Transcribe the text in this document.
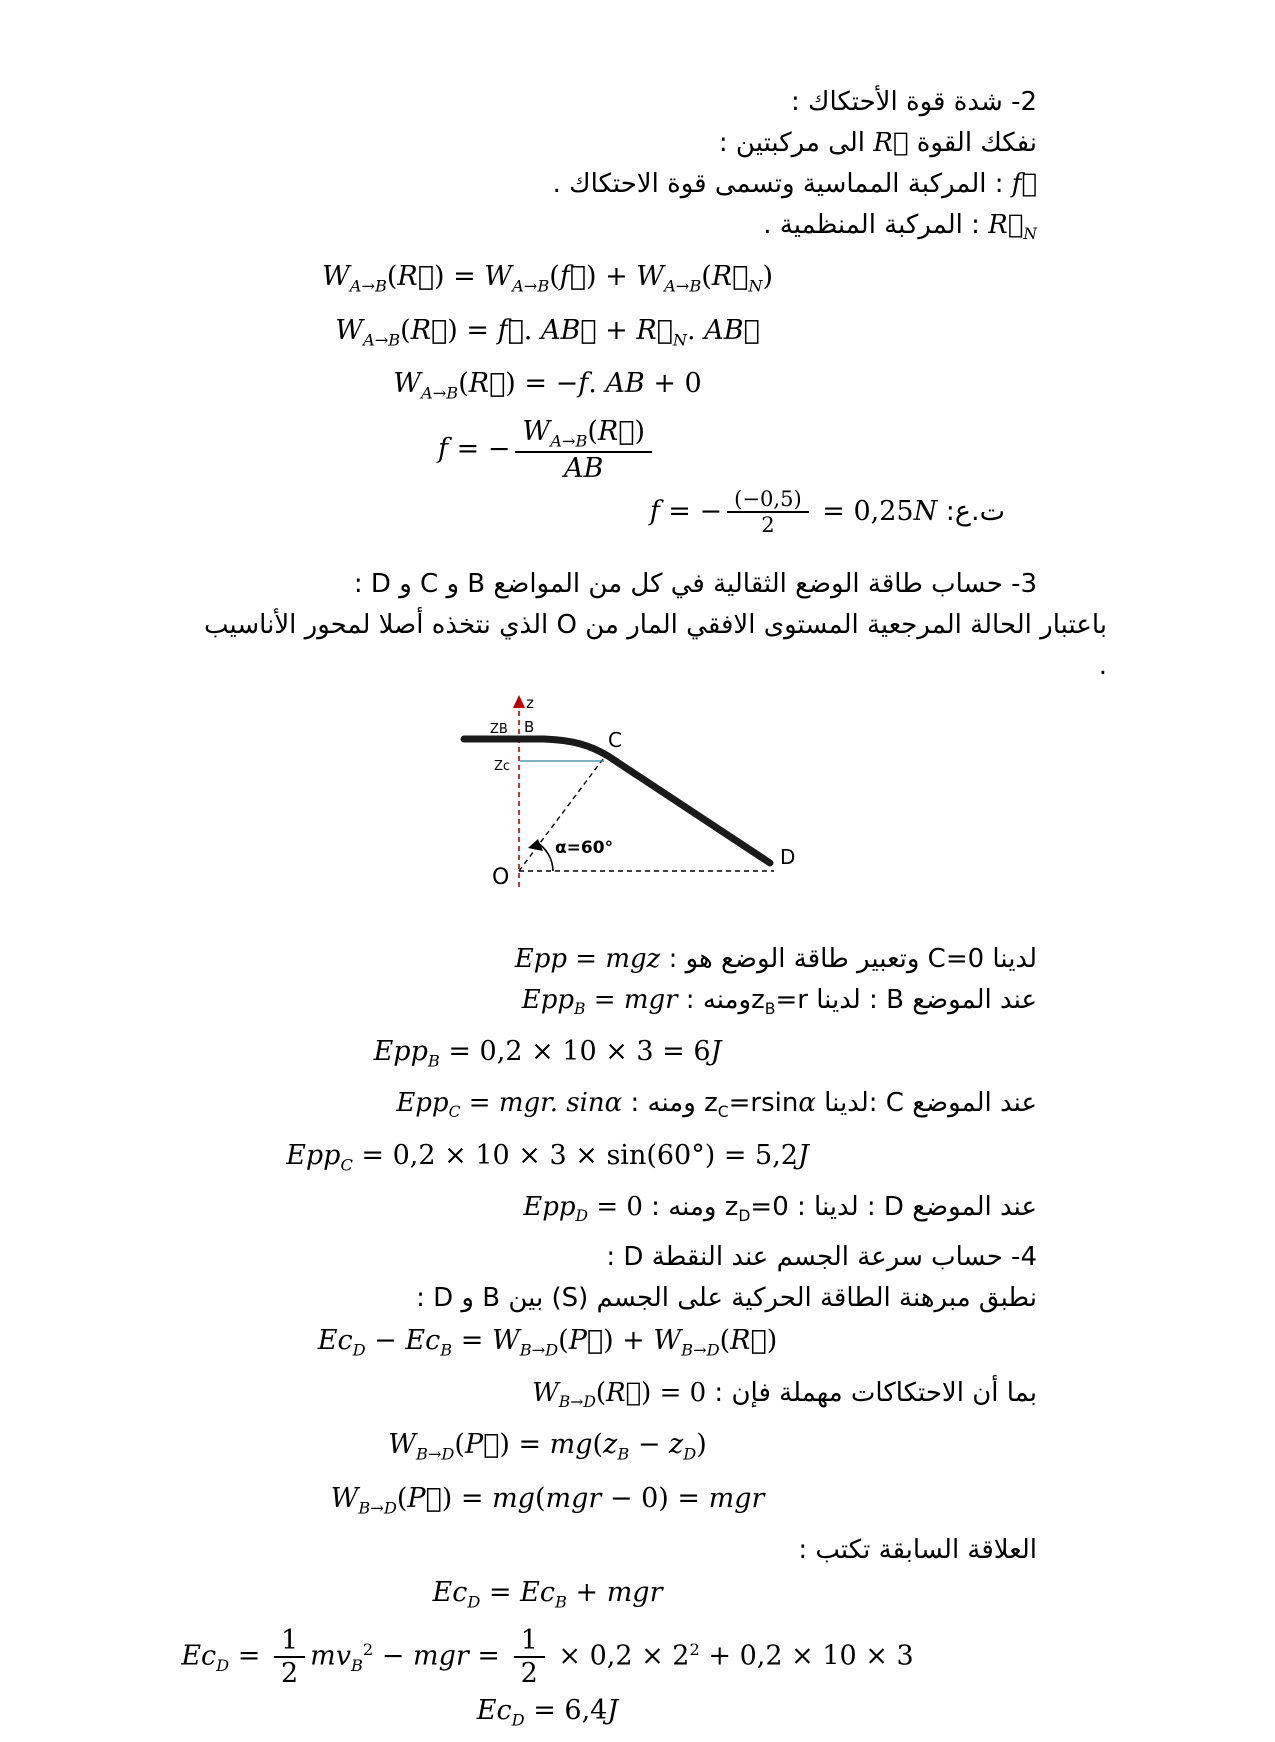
2- شدة قوة الأحتكاك :
نفكك القوة R⃗ الى مركبتين :
f⃗ : المركبة المماسية وتسمى قوة الاحتكاك .
$R⃗_N$ : المركبة المنظمية .
$W_{A\to B}(R⃗)$ = $W_{A\to B}(f⃗)$ + $W_{A\to B}(R⃗_N)$
$W_{A\to B}(R⃗)$ = f⃗. AB⃗ + $R⃗_N$. AB⃗
$W_{A\to B}(R⃗) = -f$. AB + 0
f = − $\frac{W_{A\to B}(R⃗)}{AB}$
ت.ع: f = − $\frac{(-0,5)}{2} = 0,25N$
3- حساب طاقة الوضع الثقالية في كل من المواضع B و C و D :
باعتبار الحالة المرجعية المستوى الافقي المار من O الذي نتخذه أصلا لمحور الأناسيب
.
z
ZB B
Zc
C
α=60°
O
D
لدينا C=0 وتعبير طاقة الوضع هو : Epp = mgz
عند الموضع B : لدينا $z_B=rومنه$ : Epp$_B$ = mgr
Epp$_B$ = 0,2 × 10 × 3 = 6J
عند الموضع C :لدينا $z_C=rsin\alpha$ ومنه : Epp$_C$ = mgr. sinα
Epp$_C$ = 0,2 × 10 × 3 × sin(60°) = 5,2J
عند الموضع D : لدينا : $z_D=0$ ومنه : Epp$_D$ = 0
4- حساب سرعة الجسم عند النقطة D :
نطبق مبرهنة الطاقة الحركية على الجسم (S) بين B و D :
$Ec_D - Ec_B$ = $W_{B\to D}(P⃗)$ + $W_{B\to D}(R⃗)$
بما أن الاحتكاكات مهملة فإن : $W_{B\to D}(R⃗) = 0$
$W_{B\to D}(P⃗) = mg(z_B - z_D)$
$W_{B\to D}(P⃗) = mg(mgr - 0)$ = mgr
العلاقة السابقة تكتب :
$Ec_D = Ec_B$ + mgr
$Ec_D = \frac{1}{2} mv_B^2$ − mgr = $\frac{1}{2} \times 0,2 \times 2^2 + 0,2 \times 10 \times 3$
$Ec_D = 6,4J$
